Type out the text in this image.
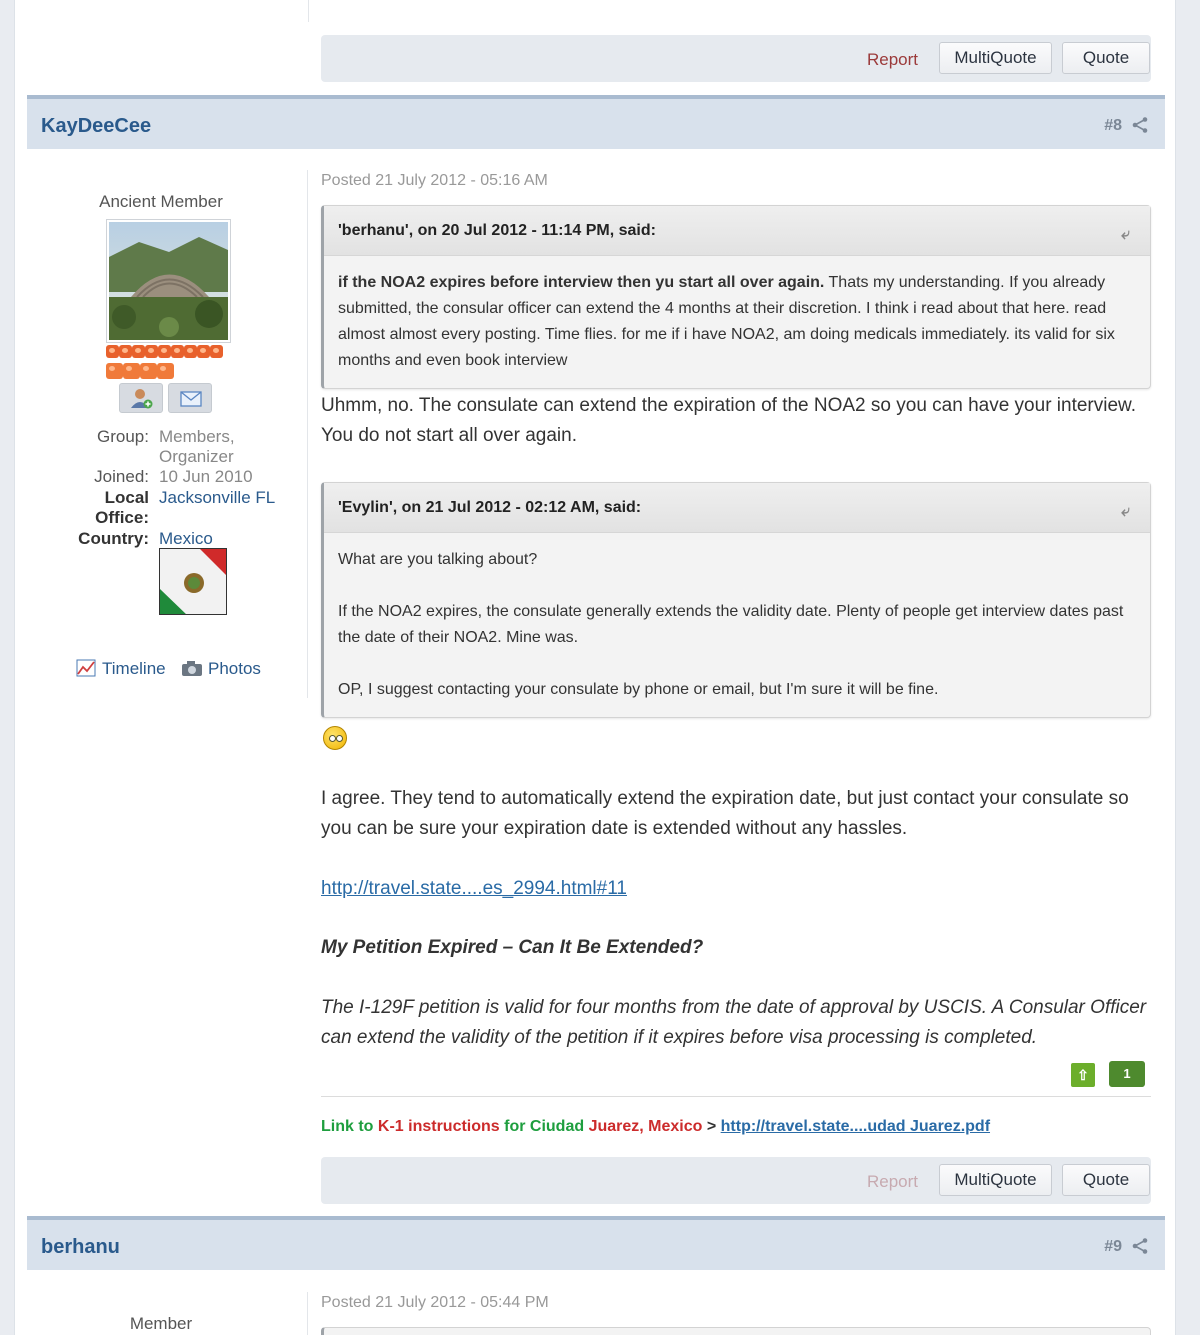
Report	MultiQuote	Quote
KayDeeCee	#8
Ancient Member

Group: Members, Organizer
Joined: 10 Jun 2010
Local Office:
Jacksonville FL
Country: Mexico
Timeline Photos
Posted 21 July 2012 - 05:16 AM
'berhanu', on 20 Jul 2012 - 11:14 PM, said:	⤶
if the NOA2 expires before interview then yu start all over again. Thats my understanding. If you already submitted, the consular officer can extend the 4 months at their discretion. I think i read about that here. read almost almost every posting. Time flies. for me if i have NOA2, am doing medicals immediately. its valid for six months and even book interview
Uhmm, no. The consulate can extend the expiration of the NOA2 so you can have your interview. You do not start all over again.
'Evylin', on 21 Jul 2012 - 02:12 AM, said:	⤶

What are you talking about?

If the NOA2 expires, the consulate generally extends the validity date. Plenty of people get interview dates past the date of their NOA2. Mine was.

OP, I suggest contacting your consulate by phone or email, but I'm sure it will be fine.

I agree. They tend to automatically extend the expiration date, but just contact your consulate so you can be sure your expiration date is extended without any hassles.
http://travel.state....es_2994.html#11
My Petition Expired – Can It Be Extended?
The I-129F petition is valid for four months from the date of approval by USCIS. A Consular Officer can extend the validity of the petition if it expires before visa processing is completed.
⇧	1
Link to K-1 instructions for Ciudad Juarez, Mexico > http://travel.state....udad Juarez.pdf
Report	MultiQuote	Quote
berhanu	#9
Posted 21 July 2012 - 05:44 PM
Member
